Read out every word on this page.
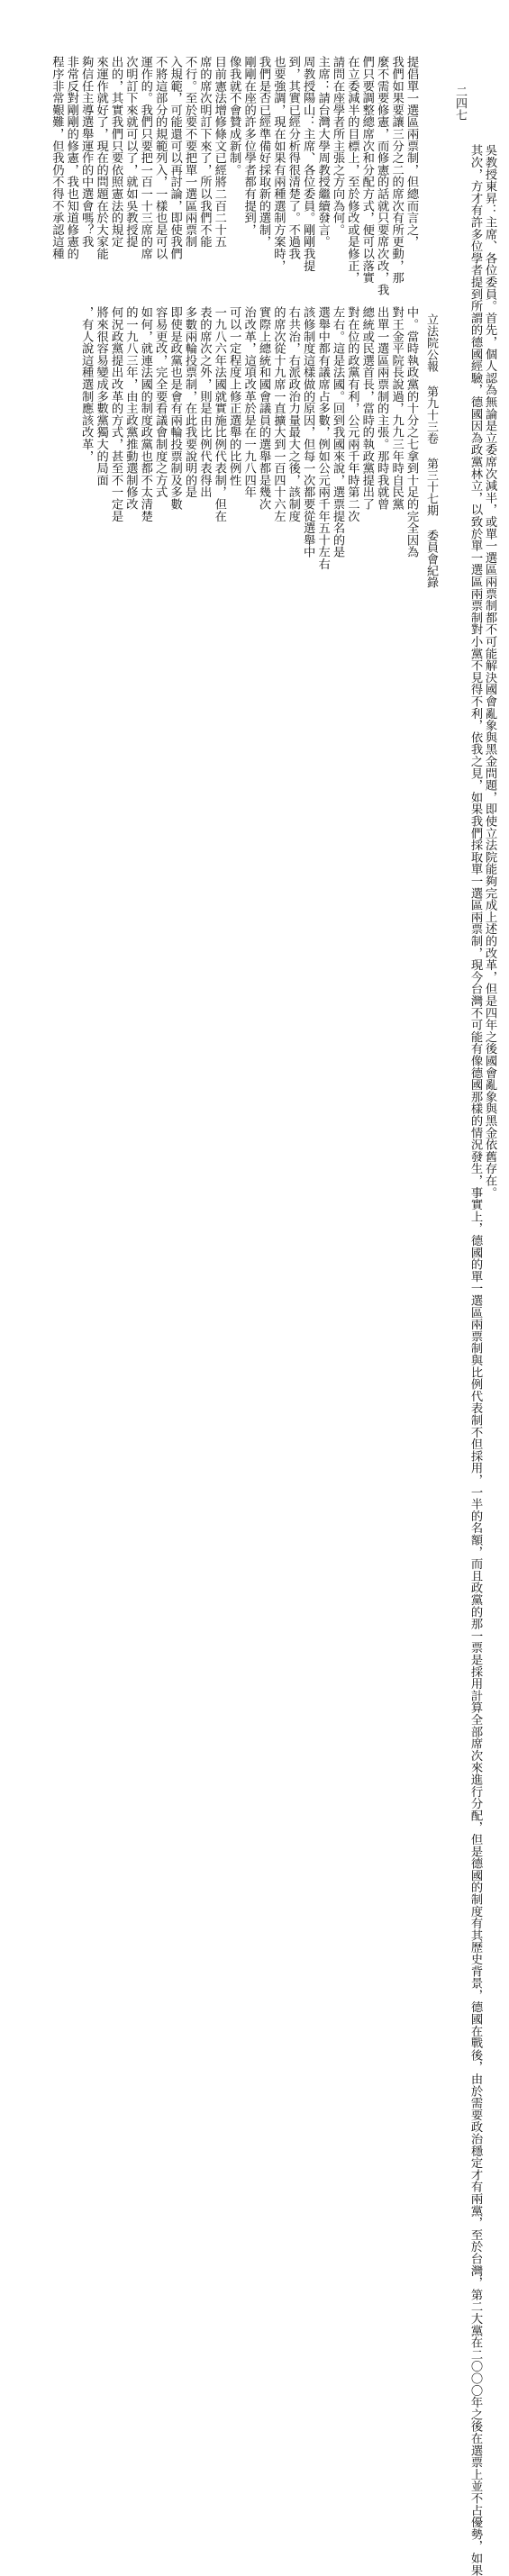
提倡單一選區兩票制，但總而言之，
我們如果要讓三分之二的席次有所更動，那
麼不需要修憲，而修憲的話就只要席次改，我
們只要調整總席次和分配方式，便可以落實
在立委減半的目標上，至於修改或是修正，
請問在座學者所主張之方向為何。
主席：請台灣大學周教授繼續發言。
周教授陽山：主席、各位委員。剛剛我提
到，其實已經分析得很清楚了。不過我
也要強調，現在如果有兩種選制方案時，
我們是否已經準備好採取新的選制，
剛剛在座的許多位學者都有提到，
像我就不會贊成新制。
目前憲法增修條文已經將二百二十五
席的席次明訂下來了，所以我們不能
不行。至於要不要把單一選區兩票制
入規範，可能還可以再討論，即使我們
不將這部分的規範列入，一樣也是可以
運作的。我們只要把一百一十三席的席
次明訂下來就可以了，就如吳教授提
出的，其實我們只要依照憲法的規定
來運作就好了，現在的問題在於大家能
夠信任主導選舉運作的中選會嗎？我
非常反對剛剛的修憲，我也知道修憲的
程序非常艱難，但我仍不得不承認這種
中。當時執政黨的十分之七拿到十足的完全因為
對王金平院長說過，九九三年時自民黨
出單一選區兩票制的主張。那時我就曾
總統或民選首長，當時的執政黨提出了
對在位的政黨有利，公元兩千年時第二次
左右。這是法國。回到我國來說，選票提名的是
選舉中都有議席占多數，例如公元兩千年五十左右
該修制度這樣做的原因，但每一次都要從選舉中
右共治，右派政治力量最大之後，該制度
的席次從十九席一直擴大到一百四十六左
實際上總統和國會議員的選舉都是幾次
治改革，這項改革於是在一九八四年
可以一定程度上修正選舉的比例性
一九八六年法國就實施比例代表制，但在
表的席次之外，則是由比例代表得出
多數兩輪投票制，在此我要說明的是
即使是政黨也是會有兩輪投票制及多數
容易更改，完全要看議會制度之方式
如何，就連法國的制度政黨也都不太清楚
的一九八三年，由主政黨推動選制修改
何況政黨提出改革的方式，甚至不一定是
將來很容易變成多數黨獨大的局面
，有人說這種選制應該改革，
二四七
立法院公報 第九十三卷 第三十七期 委員會紀錄	吳教授東昇：主席、各位委員。首先，個人認為無論是立委席次減半，或單一選區兩票制都不可能解決國會亂象與黑金問題，即使立法院能夠完成上述的改革，但是四年之後國會亂象與黑金依舊存在。
其次，方才有許多位學者提到所謂的德國經驗，德國因為政黨林立，以致於單一選區兩票制對小黨不見得不利，依我之見，如果我們採取單一選區兩票制，現今台灣不可能有像德國那樣的情況發生，事實上，德國的單一選區兩票制與比例代表制不但採用，一半的名額，而且政黨的那一票是採用計算全部席次來進行分配，但是德國的制度有其歷史背景，德國在戰後，由於需要政治穩定才有兩黨，至於台灣，第二大黨在二〇〇〇年之後在選票上並不占優勢，如果
